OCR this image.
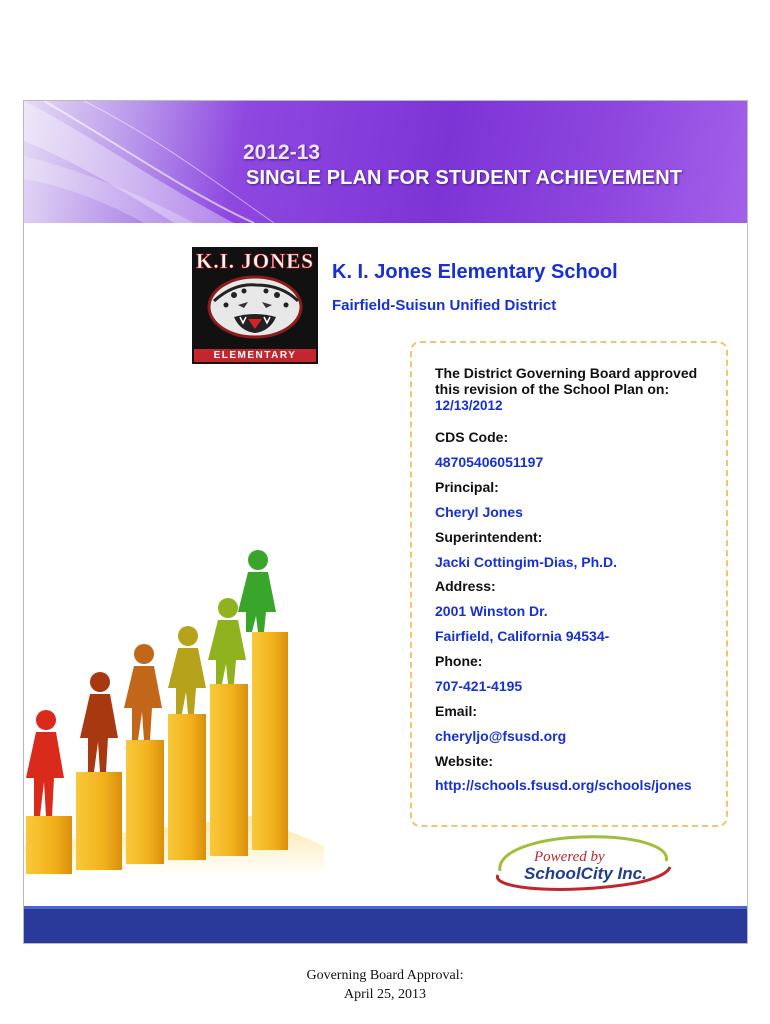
2012-13
SINGLE PLAN FOR STUDENT ACHIEVEMENT
K.I. JONES
ELEMENTARY
K. I. Jones Elementary School
Fairfield-Suisun Unified District
The District Governing Board approved this revision of the School Plan on: 12/13/2012
CDS Code:
48705406051197
Principal:
Cheryl Jones
Superintendent:
Jacki Cottingim-Dias, Ph.D.
Address:
2001 Winston Dr.
Fairfield, California 94534-
Phone:
707-421-4195
Email:
cheryljo@fsusd.org
Website:
http://schools.fsusd.org/schools/jones
Powered by
SchoolCity Inc.
Governing Board Approval:
April 25, 2013
